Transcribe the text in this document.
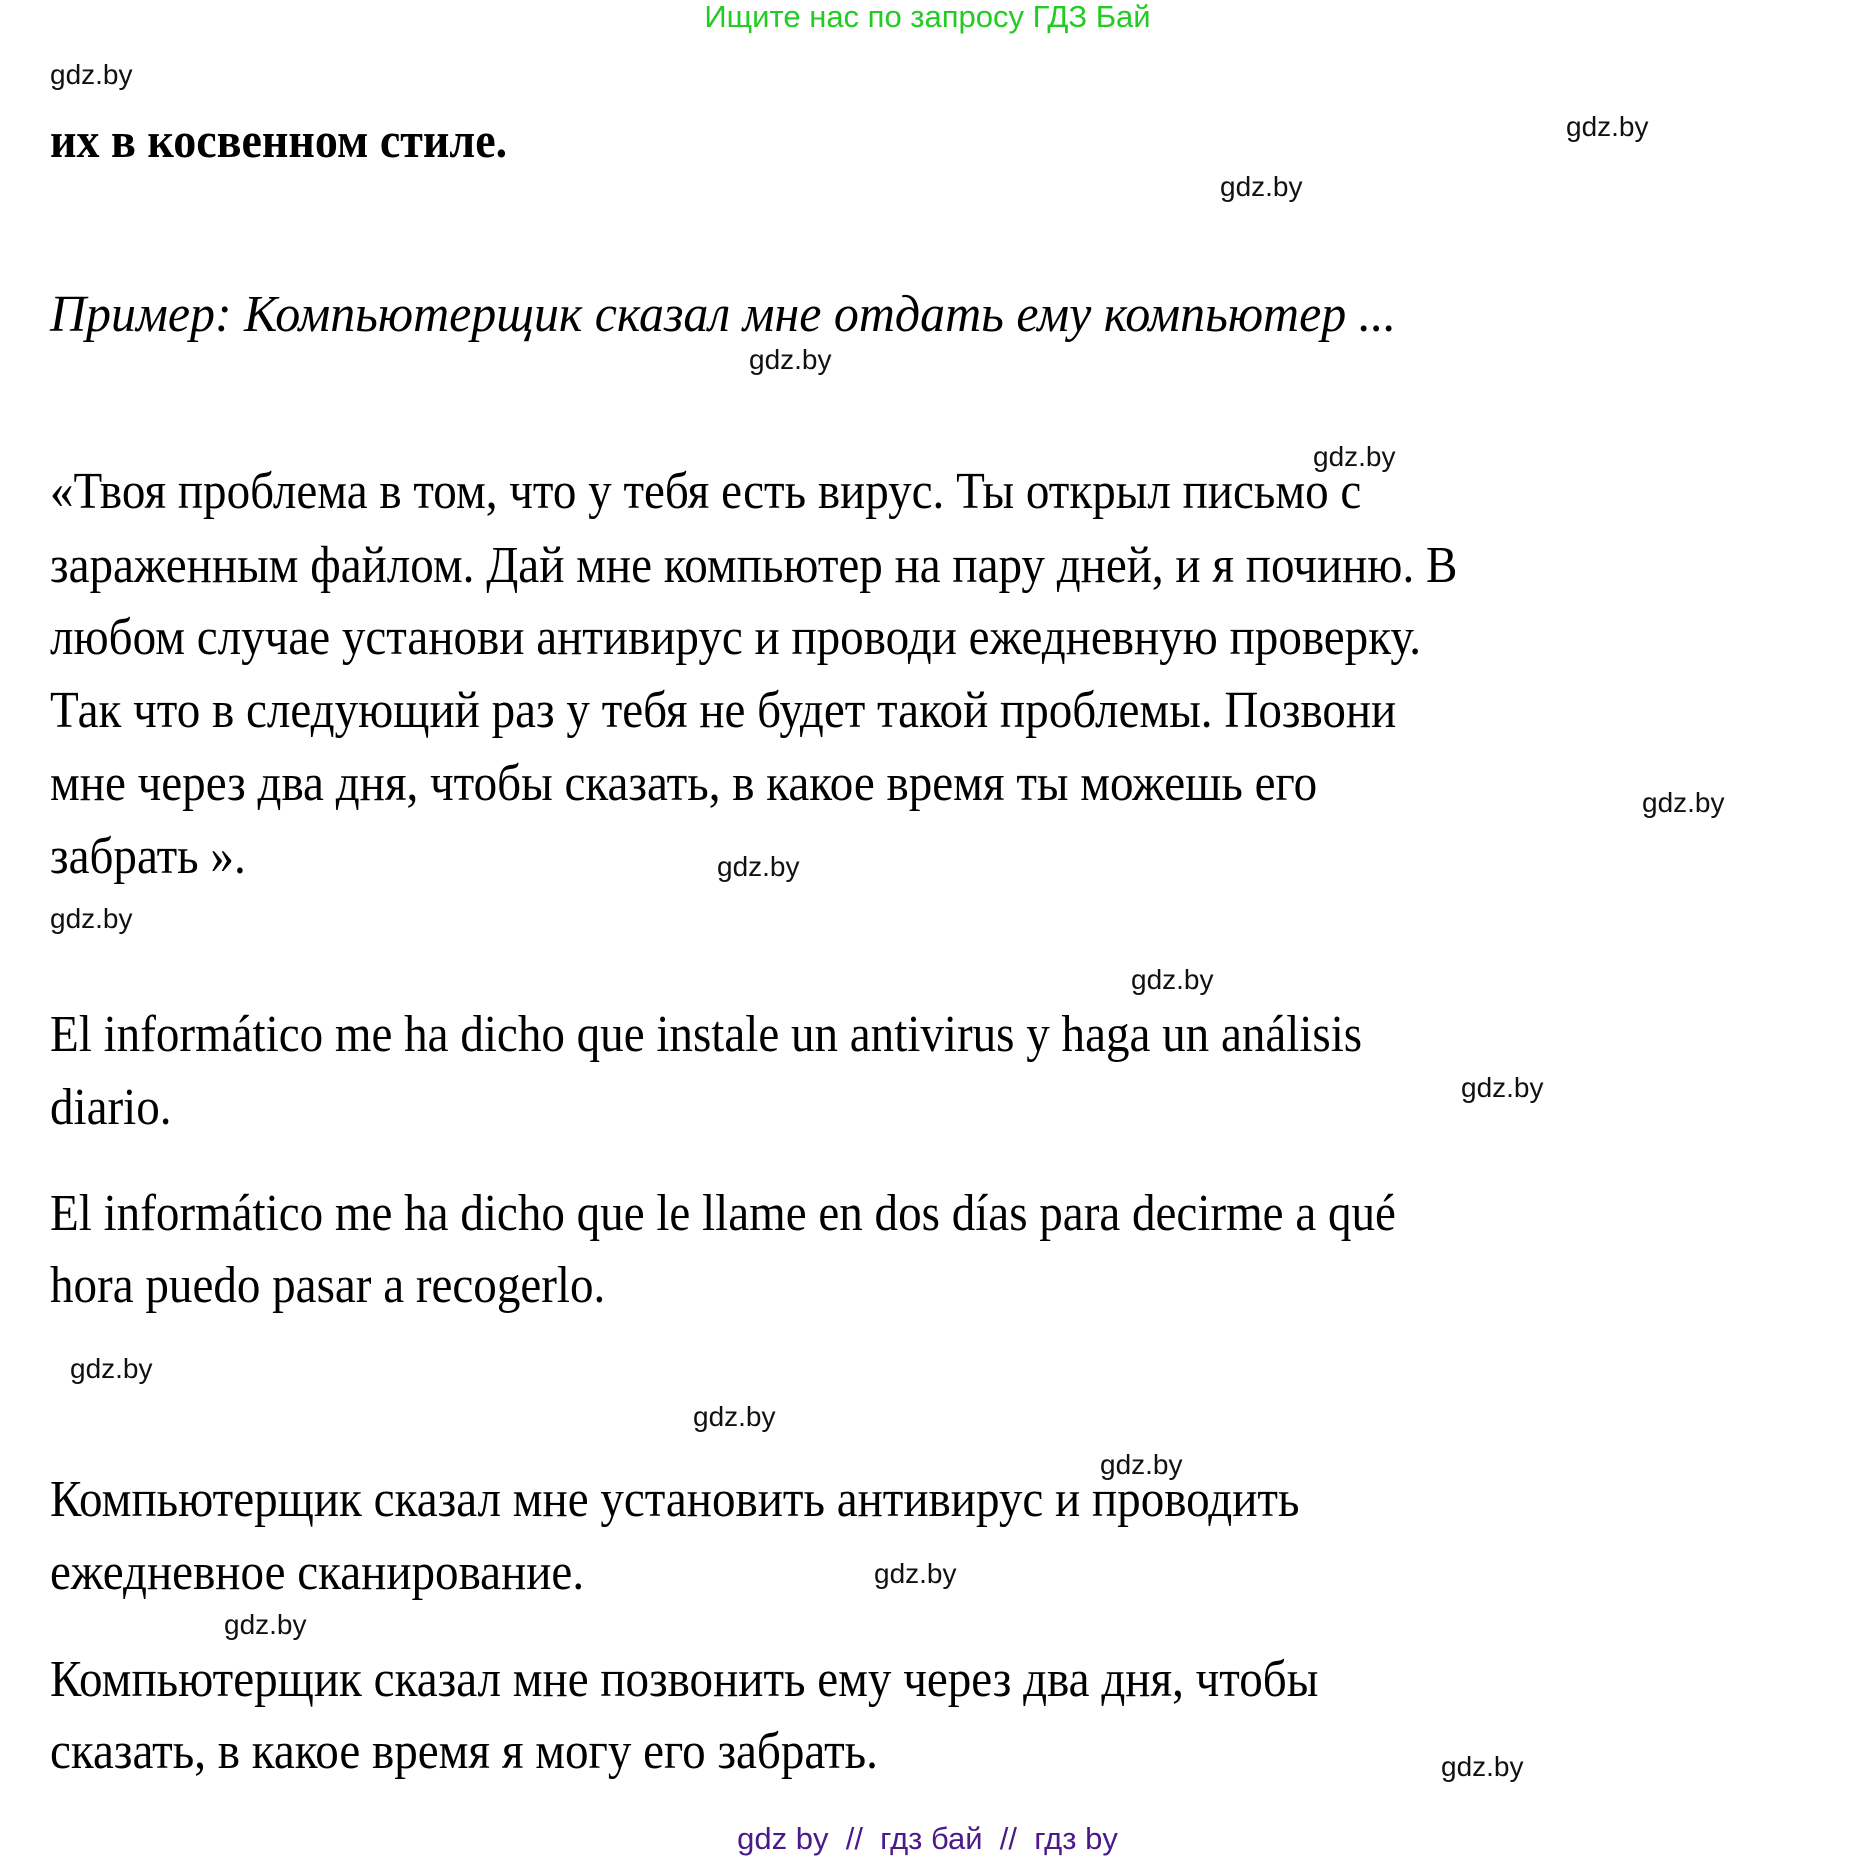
Ищите нас по запросу ГДЗ Бай
gdz.by
gdz.by
gdz.by
gdz.by
gdz.by
gdz.by
gdz.by
gdz.by
gdz.by
gdz.by
gdz.by
gdz.by
gdz.by
gdz.by
gdz.by
gdz.by
их в косвенном стиле.
Пример: Компьютерщик сказал мне отдать ему компьютер ...
«Твоя проблема в том, что у тебя есть вирус. Ты открыл письмо с
зараженным файлом. Дай мне компьютер на пару дней, и я починю. В
любом случае установи антивирус и проводи ежедневную проверку.
Так что в следующий раз у тебя не будет такой проблемы. Позвони
мне через два дня, чтобы сказать, в какое время ты можешь его
забрать ».
El informático me ha dicho que instale un antivirus y haga un análisis
diario.
El informático me ha dicho que le llame en dos días para decirme a qué
hora puedo pasar a recogerlo.
Компьютерщик сказал мне установить антивирус и проводить
ежедневное сканирование.
Компьютерщик сказал мне позвонить ему через два дня, чтобы
сказать, в какое время я могу его забрать.
gdz by  //  гдз бай  //  гдз by
